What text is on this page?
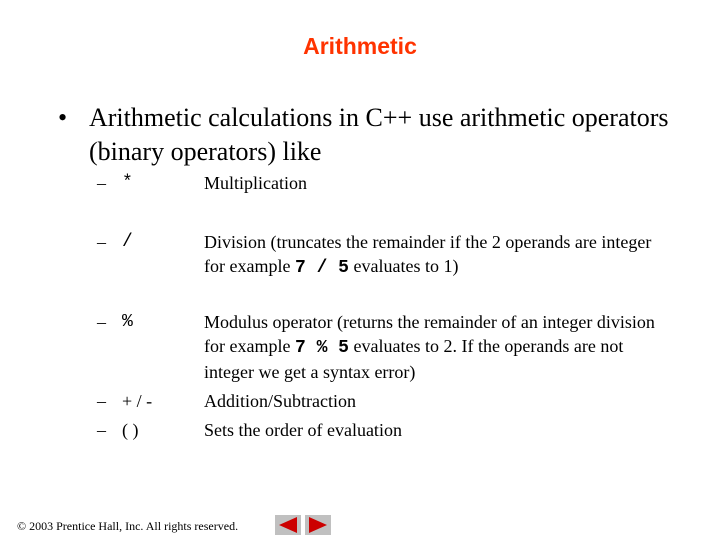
Arithmetic
• Arithmetic calculations in C++ use arithmetic operators (binary operators) like
– *	Multiplication
– /	Division (truncates the remainder if the 2 operands are integer for example 7 / 5 evaluates to 1)
– %	Modulus operator (returns the remainder of an integer division for example 7 % 5 evaluates to 2. If the operands are not integer we get a syntax error)
– + / -	Addition/Subtraction
– ( )	Sets the order of evaluation
© 2003 Prentice Hall, Inc. All rights reserved.
